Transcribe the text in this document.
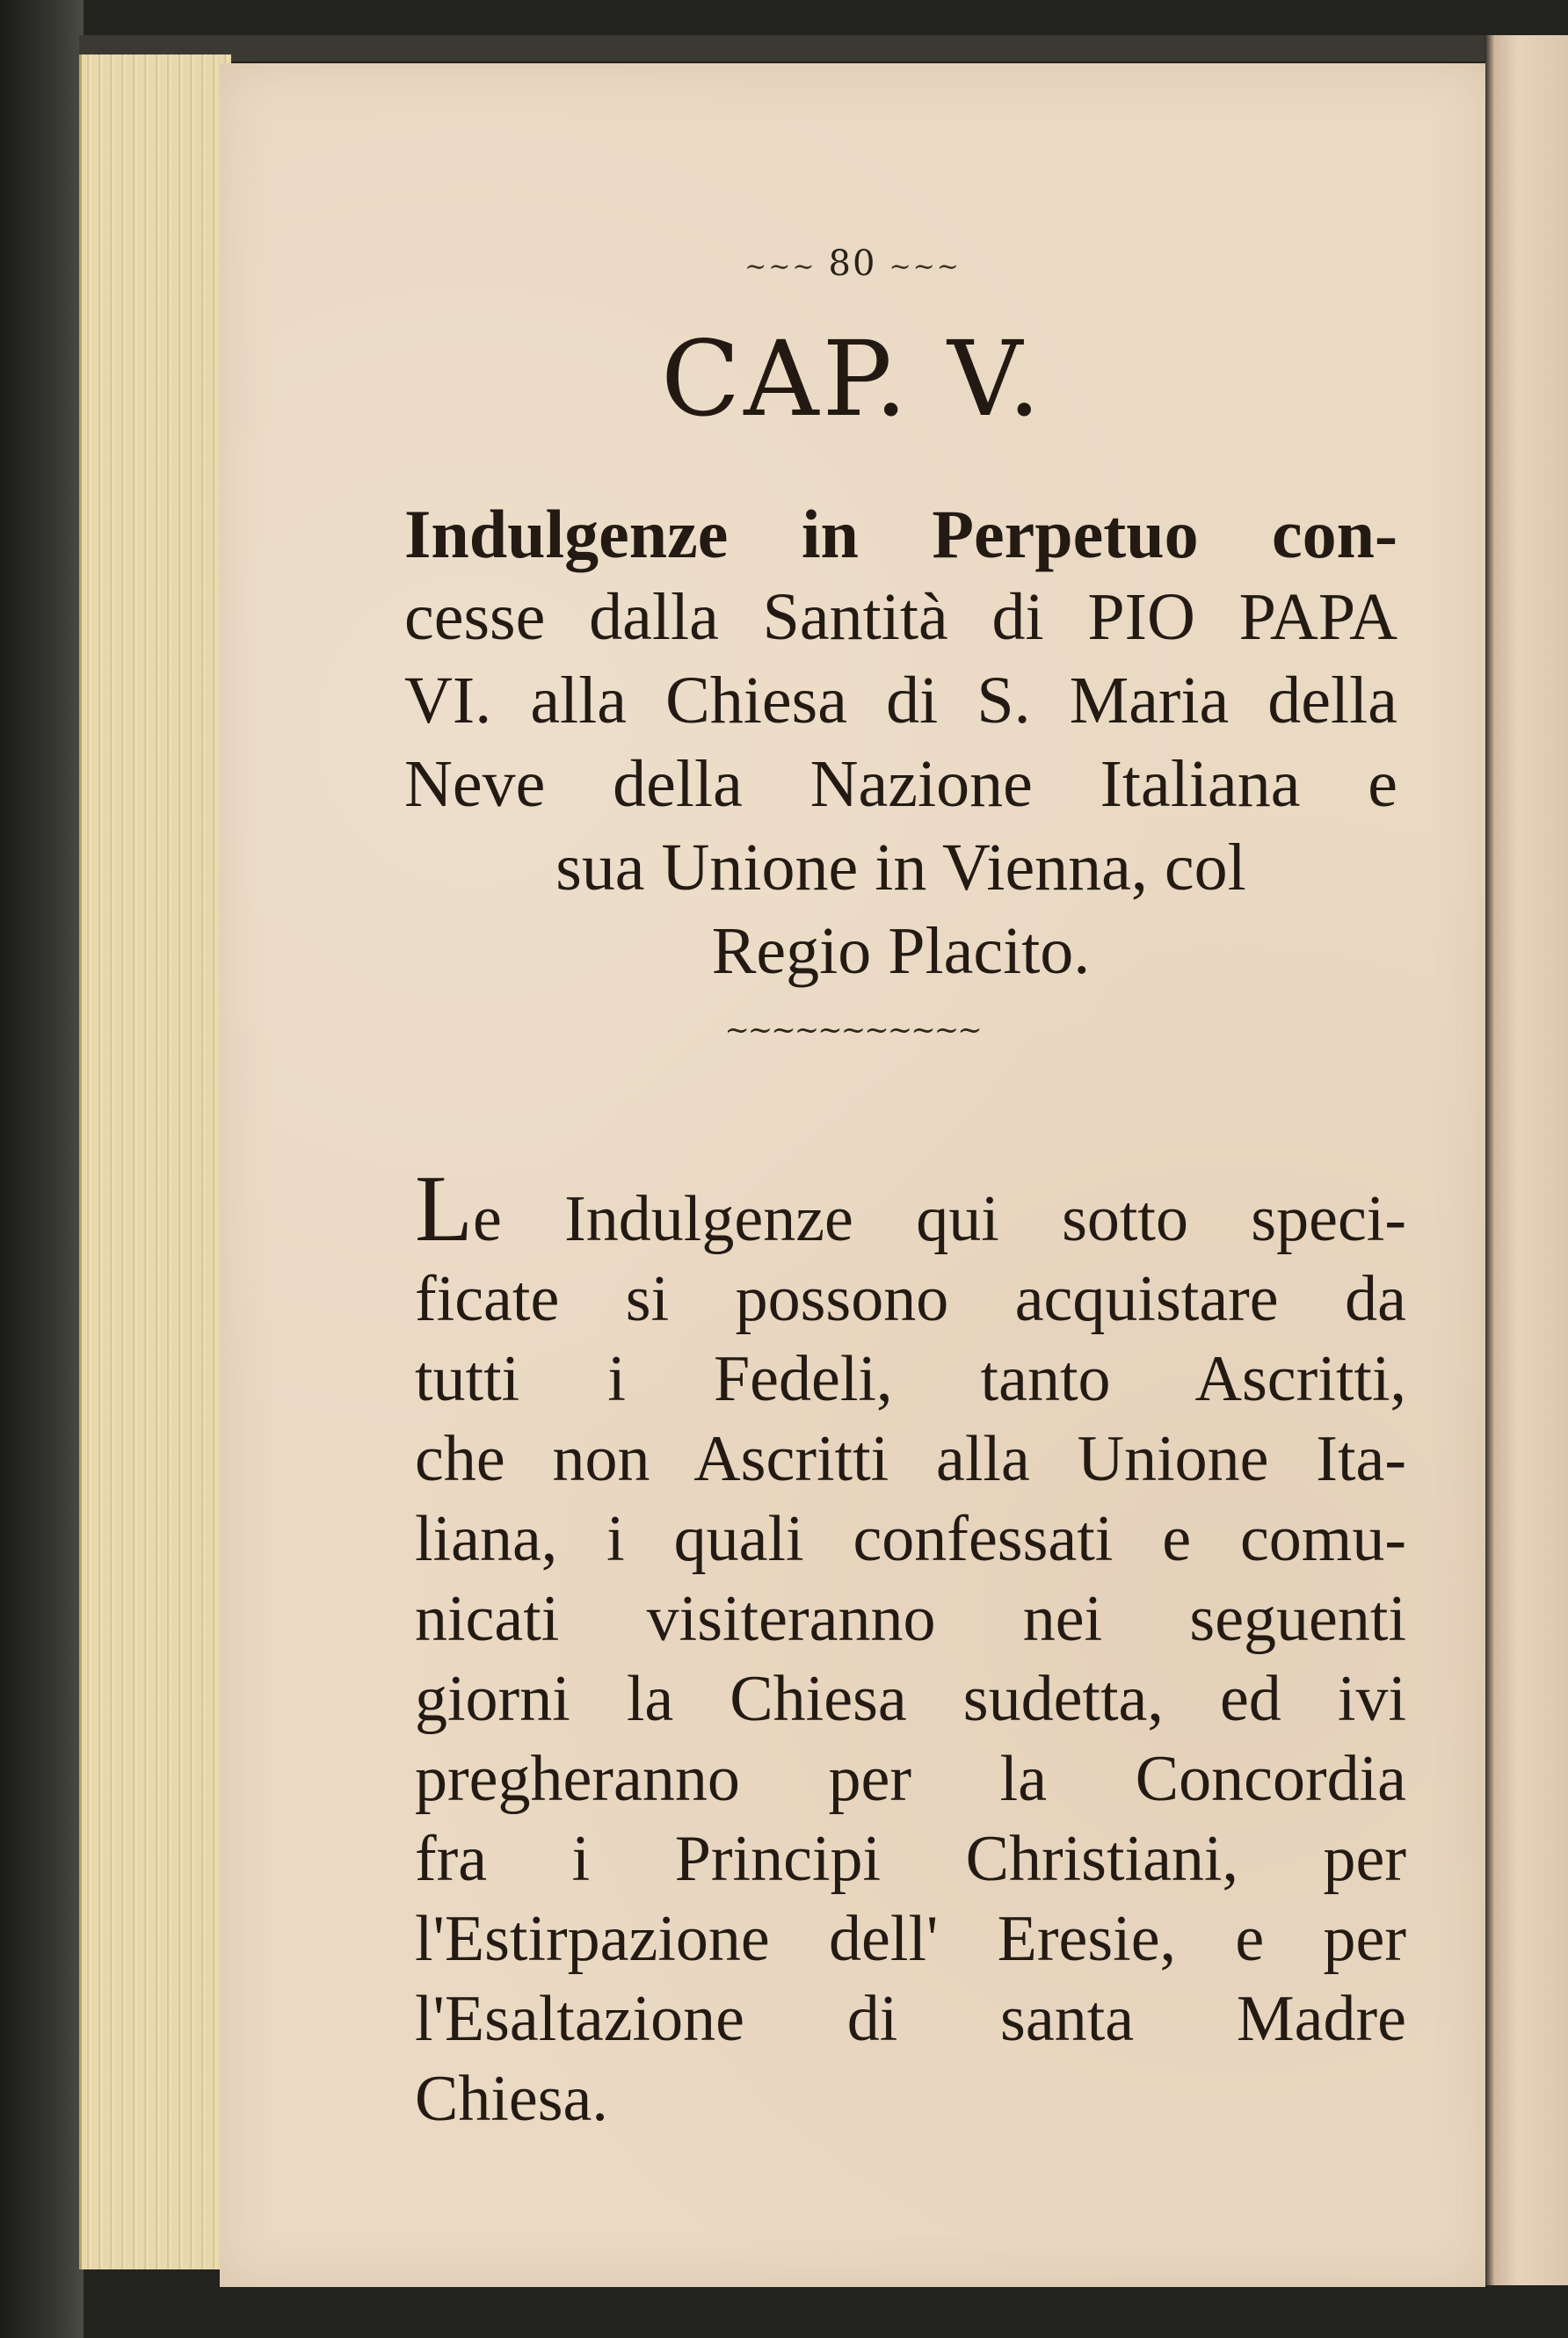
~~~ 80 ~~~
CAP. V.
Indulgenze in Perpetuo con-
cesse dalla Santità di PIO PAPA
VI. alla Chiesa di S. Maria della
Neve della Nazione Italiana e
sua Unione in Vienna, col
Regio Placito.
~~~~~~~~~~~
Le Indulgenze qui sotto speci-
ficate si possono acquistare da
tutti i Fedeli, tanto Ascritti,
che non Ascritti alla Unione Ita-
liana, i quali confessati e comu-
nicati visiteranno nei seguenti
giorni la Chiesa sudetta, ed ivi
pregheranno per la Concordia
fra i Principi Christiani, per
l'Estirpazione dell' Eresie, e per
l'Esaltazione di santa Madre
Chiesa.
